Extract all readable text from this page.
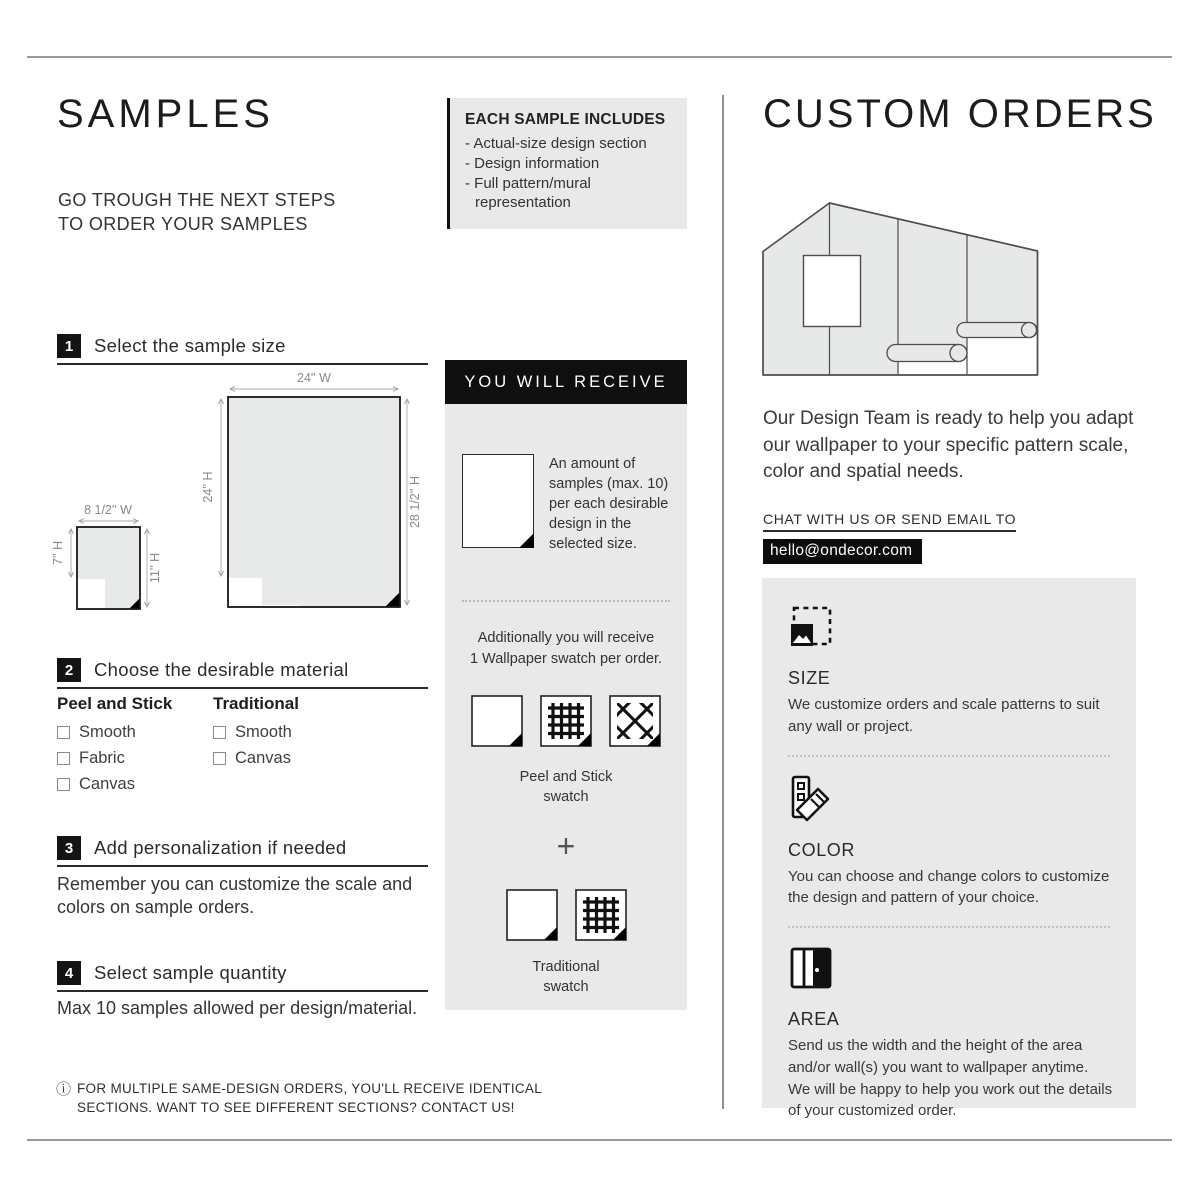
SAMPLES
GO TROUGH THE NEXT STEPS
TO ORDER YOUR SAMPLES
1	Select the sample size
24'' W
24'' H	28 1/2'' H
8 1/2'' W
7'' H	11'' H
2	Choose the desirable material
Peel and Stick
Smooth
Fabric
Canvas
Traditional
Smooth
Canvas
3	Add personalization if needed
Remember you can customize the scale and colors on sample orders.
4	Select sample quantity
Max 10 samples allowed per design/material.
ⓘ FOR MULTIPLE SAME-DESIGN ORDERS, YOU'LL RECEIVE IDENTICAL
SECTIONS. WANT TO SEE DIFFERENT SECTIONS? CONTACT US!
EACH SAMPLE INCLUDES
- Actual-size design section
- Design information
- Full pattern/mural representation
YOU WILL RECEIVE
An amount of samples (max. 10) per each desirable design in the selected size.
Additionally you will receive
1 Wallpaper swatch per order.
Peel and Stick
swatch
+
Traditional
swatch
CUSTOM ORDERS
Our Design Team is ready to help you adapt our wallpaper to your specific pattern scale, color and spatial needs.
CHAT WITH US OR SEND EMAIL TO
hello@ondecor.com
SIZE
We customize orders and scale patterns to suit any wall or project.
COLOR
You can choose and change colors to customize the design and pattern of your choice.
AREA
Send us the width and the height of the area and/or wall(s) you want to wallpaper anytime. We will be happy to help you work out the details of your customized order.
